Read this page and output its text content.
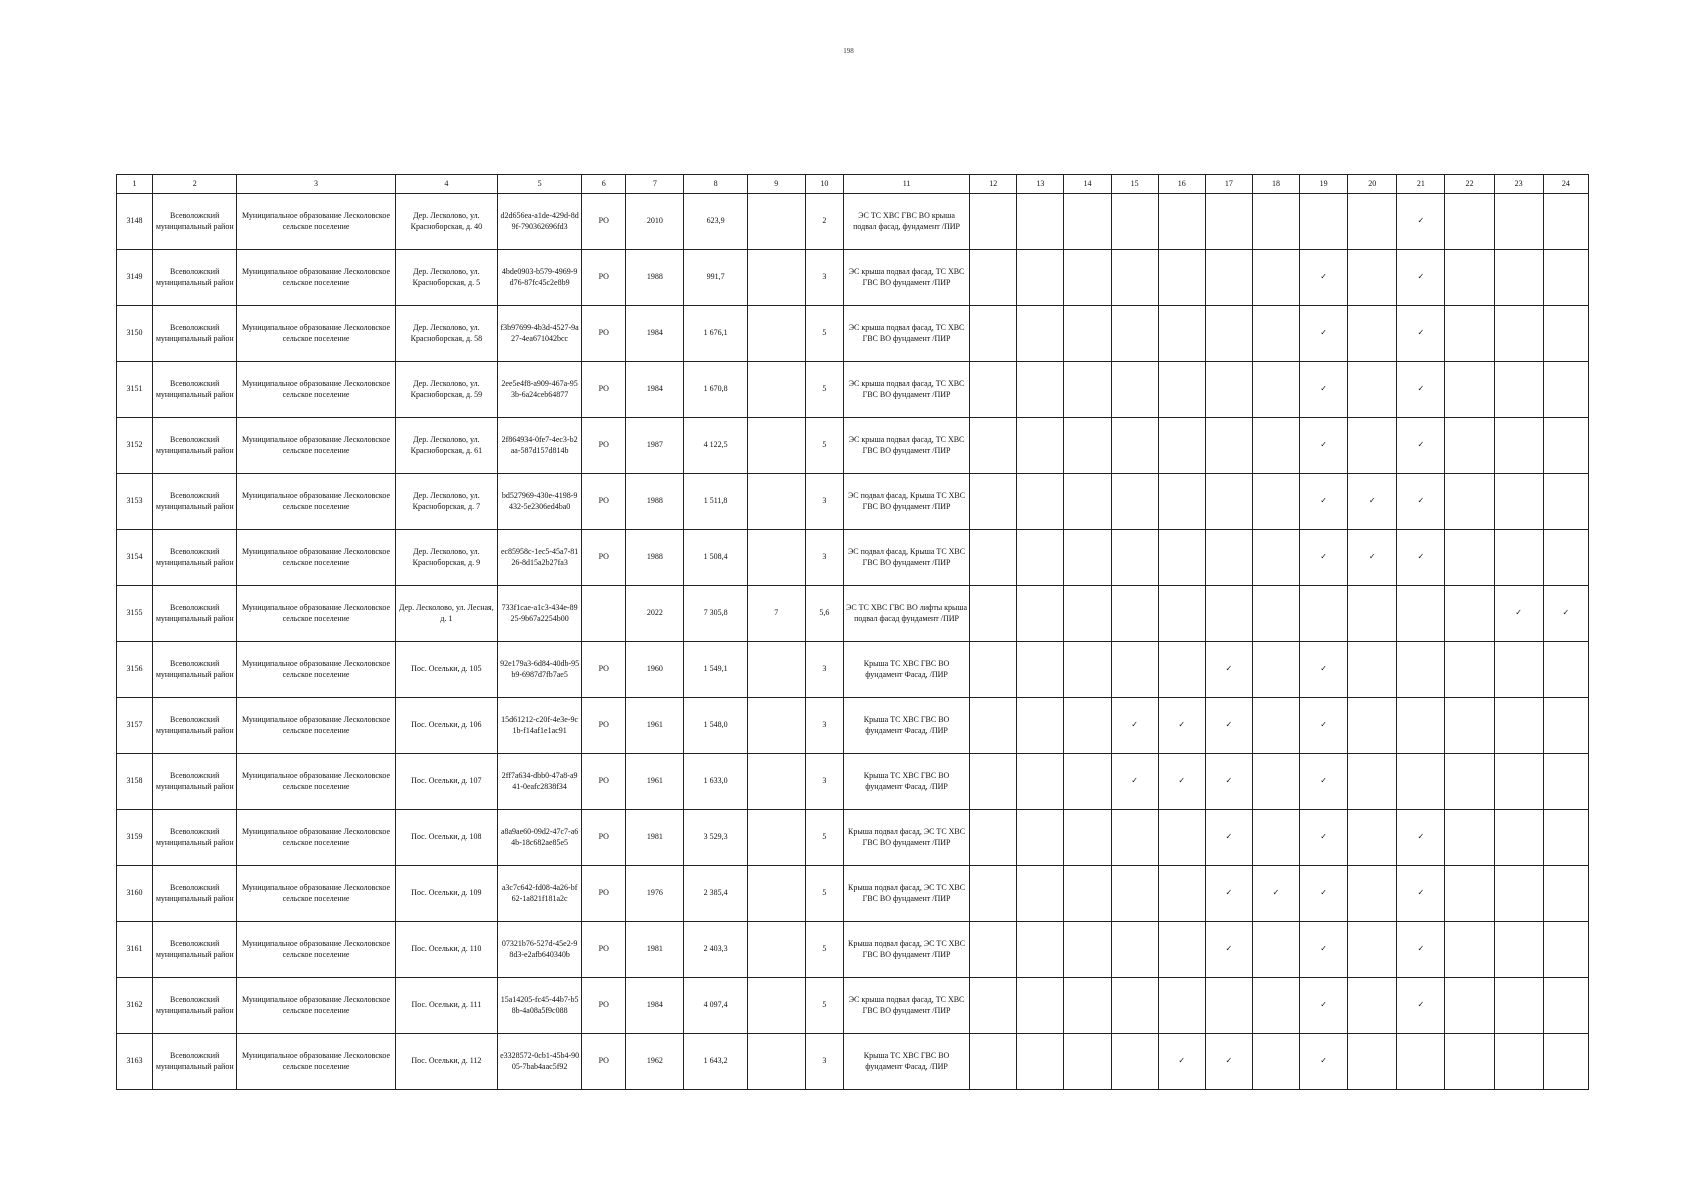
198
1	2	3	4	5	6	7	8	9	10	11	12	13	14	15	16	17	18	19	20	21	22	23	24
3148	Всеволожский муниципальный район	Муниципальное образование Лесколовское сельское поселение	Дер. Лесколово, ул. Красноборская, д. 40	d2d656ea-a1de-429d-8d9f-790362696fd3	РО	2010	623,9		2	ЭС ТС ХВС ГВС ВО крыша подвал фасад, фундамент /ПИР										✓			
3149	Всеволожский муниципальный район	Муниципальное образование Лесколовское сельское поселение	Дер. Лесколово, ул. Красноборская, д. 5	4bde0903-b579-4969-9d76-87fc45c2e8b9	РО	1988	991,7		3	ЭС крыша подвал фасад, ТС ХВС ГВС ВО фундамент /ПИР								✓		✓			
3150	Всеволожский муниципальный район	Муниципальное образование Лесколовское сельское поселение	Дер. Лесколово, ул. Красноборская, д. 58	f3b97699-4b3d-4527-9a27-4ea671042bcc	РО	1984	1 676,1		5	ЭС крыша подвал фасад, ТС ХВС ГВС ВО фундамент /ПИР								✓		✓			
3151	Всеволожский муниципальный район	Муниципальное образование Лесколовское сельское поселение	Дер. Лесколово, ул. Красноборская, д. 59	2ee5e4f8-a909-467a-953b-6a24ceb64877	РО	1984	1 670,8		5	ЭС крыша подвал фасад, ТС ХВС ГВС ВО фундамент /ПИР								✓		✓			
3152	Всеволожский муниципальный район	Муниципальное образование Лесколовское сельское поселение	Дер. Лесколово, ул. Красноборская, д. 61	2f864934-0fe7-4ec3-b2aa-587d157d814b	РО	1987	4 122,5		5	ЭС крыша подвал фасад, ТС ХВС ГВС ВО фундамент /ПИР								✓		✓			
3153	Всеволожский муниципальный район	Муниципальное образование Лесколовское сельское поселение	Дер. Лесколово, ул. Красноборская, д. 7	bd527969-430e-4198-9432-5e2306ed4ba0	РО	1988	1 511,8		3	ЭС подвал фасад, Крыша ТС ХВС ГВС ВО фундамент /ПИР								✓	✓	✓			
3154	Всеволожский муниципальный район	Муниципальное образование Лесколовское сельское поселение	Дер. Лесколово, ул. Красноборская, д. 9	ec85958c-1ec5-45a7-8126-8d15a2b27fa3	РО	1988	1 508,4		3	ЭС подвал фасад, Крыша ТС ХВС ГВС ВО фундамент /ПИР								✓	✓	✓			
3155	Всеволожский муниципальный район	Муниципальное образование Лесколовское сельское поселение	Дер. Лесколово, ул. Лесная, д. 1	733f1cae-a1c3-434e-8925-9b67a2254b00		2022	7 305,8	7	5,6	ЭС ТС ХВС ГВС ВО лифты крыша подвал фасад фундамент /ПИР												✓	✓
3156	Всеволожский муниципальный район	Муниципальное образование Лесколовское сельское поселение	Пос. Осельки, д. 105	92e179a3-6d84-40db-95b9-6987d7fb7ae5	РО	1960	1 549,1		3	Крыша ТС ХВС ГВС ВО фундамент Фасад, /ПИР						✓		✓					
3157	Всеволожский муниципальный район	Муниципальное образование Лесколовское сельское поселение	Пос. Осельки, д. 106	15d61212-c20f-4e3e-9c1b-f14af1e1ac91	РО	1961	1 548,0		3	Крыша ТС ХВС ГВС ВО фундамент Фасад, /ПИР				✓	✓	✓		✓					
3158	Всеволожский муниципальный район	Муниципальное образование Лесколовское сельское поселение	Пос. Осельки, д. 107	2ff7a634-dbb0-47a8-a941-0eafc2838f34	РО	1961	1 633,0		3	Крыша ТС ХВС ГВС ВО фундамент Фасад, /ПИР				✓	✓	✓		✓					
3159	Всеволожский муниципальный район	Муниципальное образование Лесколовское сельское поселение	Пос. Осельки, д. 108	a8a9ae60-09d2-47c7-a64b-18c682ae85e5	РО	1981	3 529,3		5	Крыша подвал фасад, ЭС ТС ХВС ГВС ВО фундамент /ПИР						✓		✓		✓			
3160	Всеволожский муниципальный район	Муниципальное образование Лесколовское сельское поселение	Пос. Осельки, д. 109	a3c7c642-fd08-4a26-bf62-1a821f181a2c	РО	1976	2 385,4		5	Крыша подвал фасад, ЭС ТС ХВС ГВС ВО фундамент /ПИР						✓	✓	✓		✓			
3161	Всеволожский муниципальный район	Муниципальное образование Лесколовское сельское поселение	Пос. Осельки, д. 110	07321b76-527d-45e2-98d3-e2afb640340b	РО	1981	2 403,3		5	Крыша подвал фасад, ЭС ТС ХВС ГВС ВО фундамент /ПИР						✓		✓		✓			
3162	Всеволожский муниципальный район	Муниципальное образование Лесколовское сельское поселение	Пос. Осельки, д. 111	15a14205-fc45-44b7-b58b-4a08a5f9c088	РО	1984	4 097,4		5	ЭС крыша подвал фасад, ТС ХВС ГВС ВО фундамент /ПИР								✓		✓			
3163	Всеволожский муниципальный район	Муниципальное образование Лесколовское сельское поселение	Пос. Осельки, д. 112	e3328572-0cb1-45b4-9005-7bab4aac5f92	РО	1962	1 643,2		3	Крыша ТС ХВС ГВС ВО фундамент Фасад, /ПИР					✓	✓		✓					
